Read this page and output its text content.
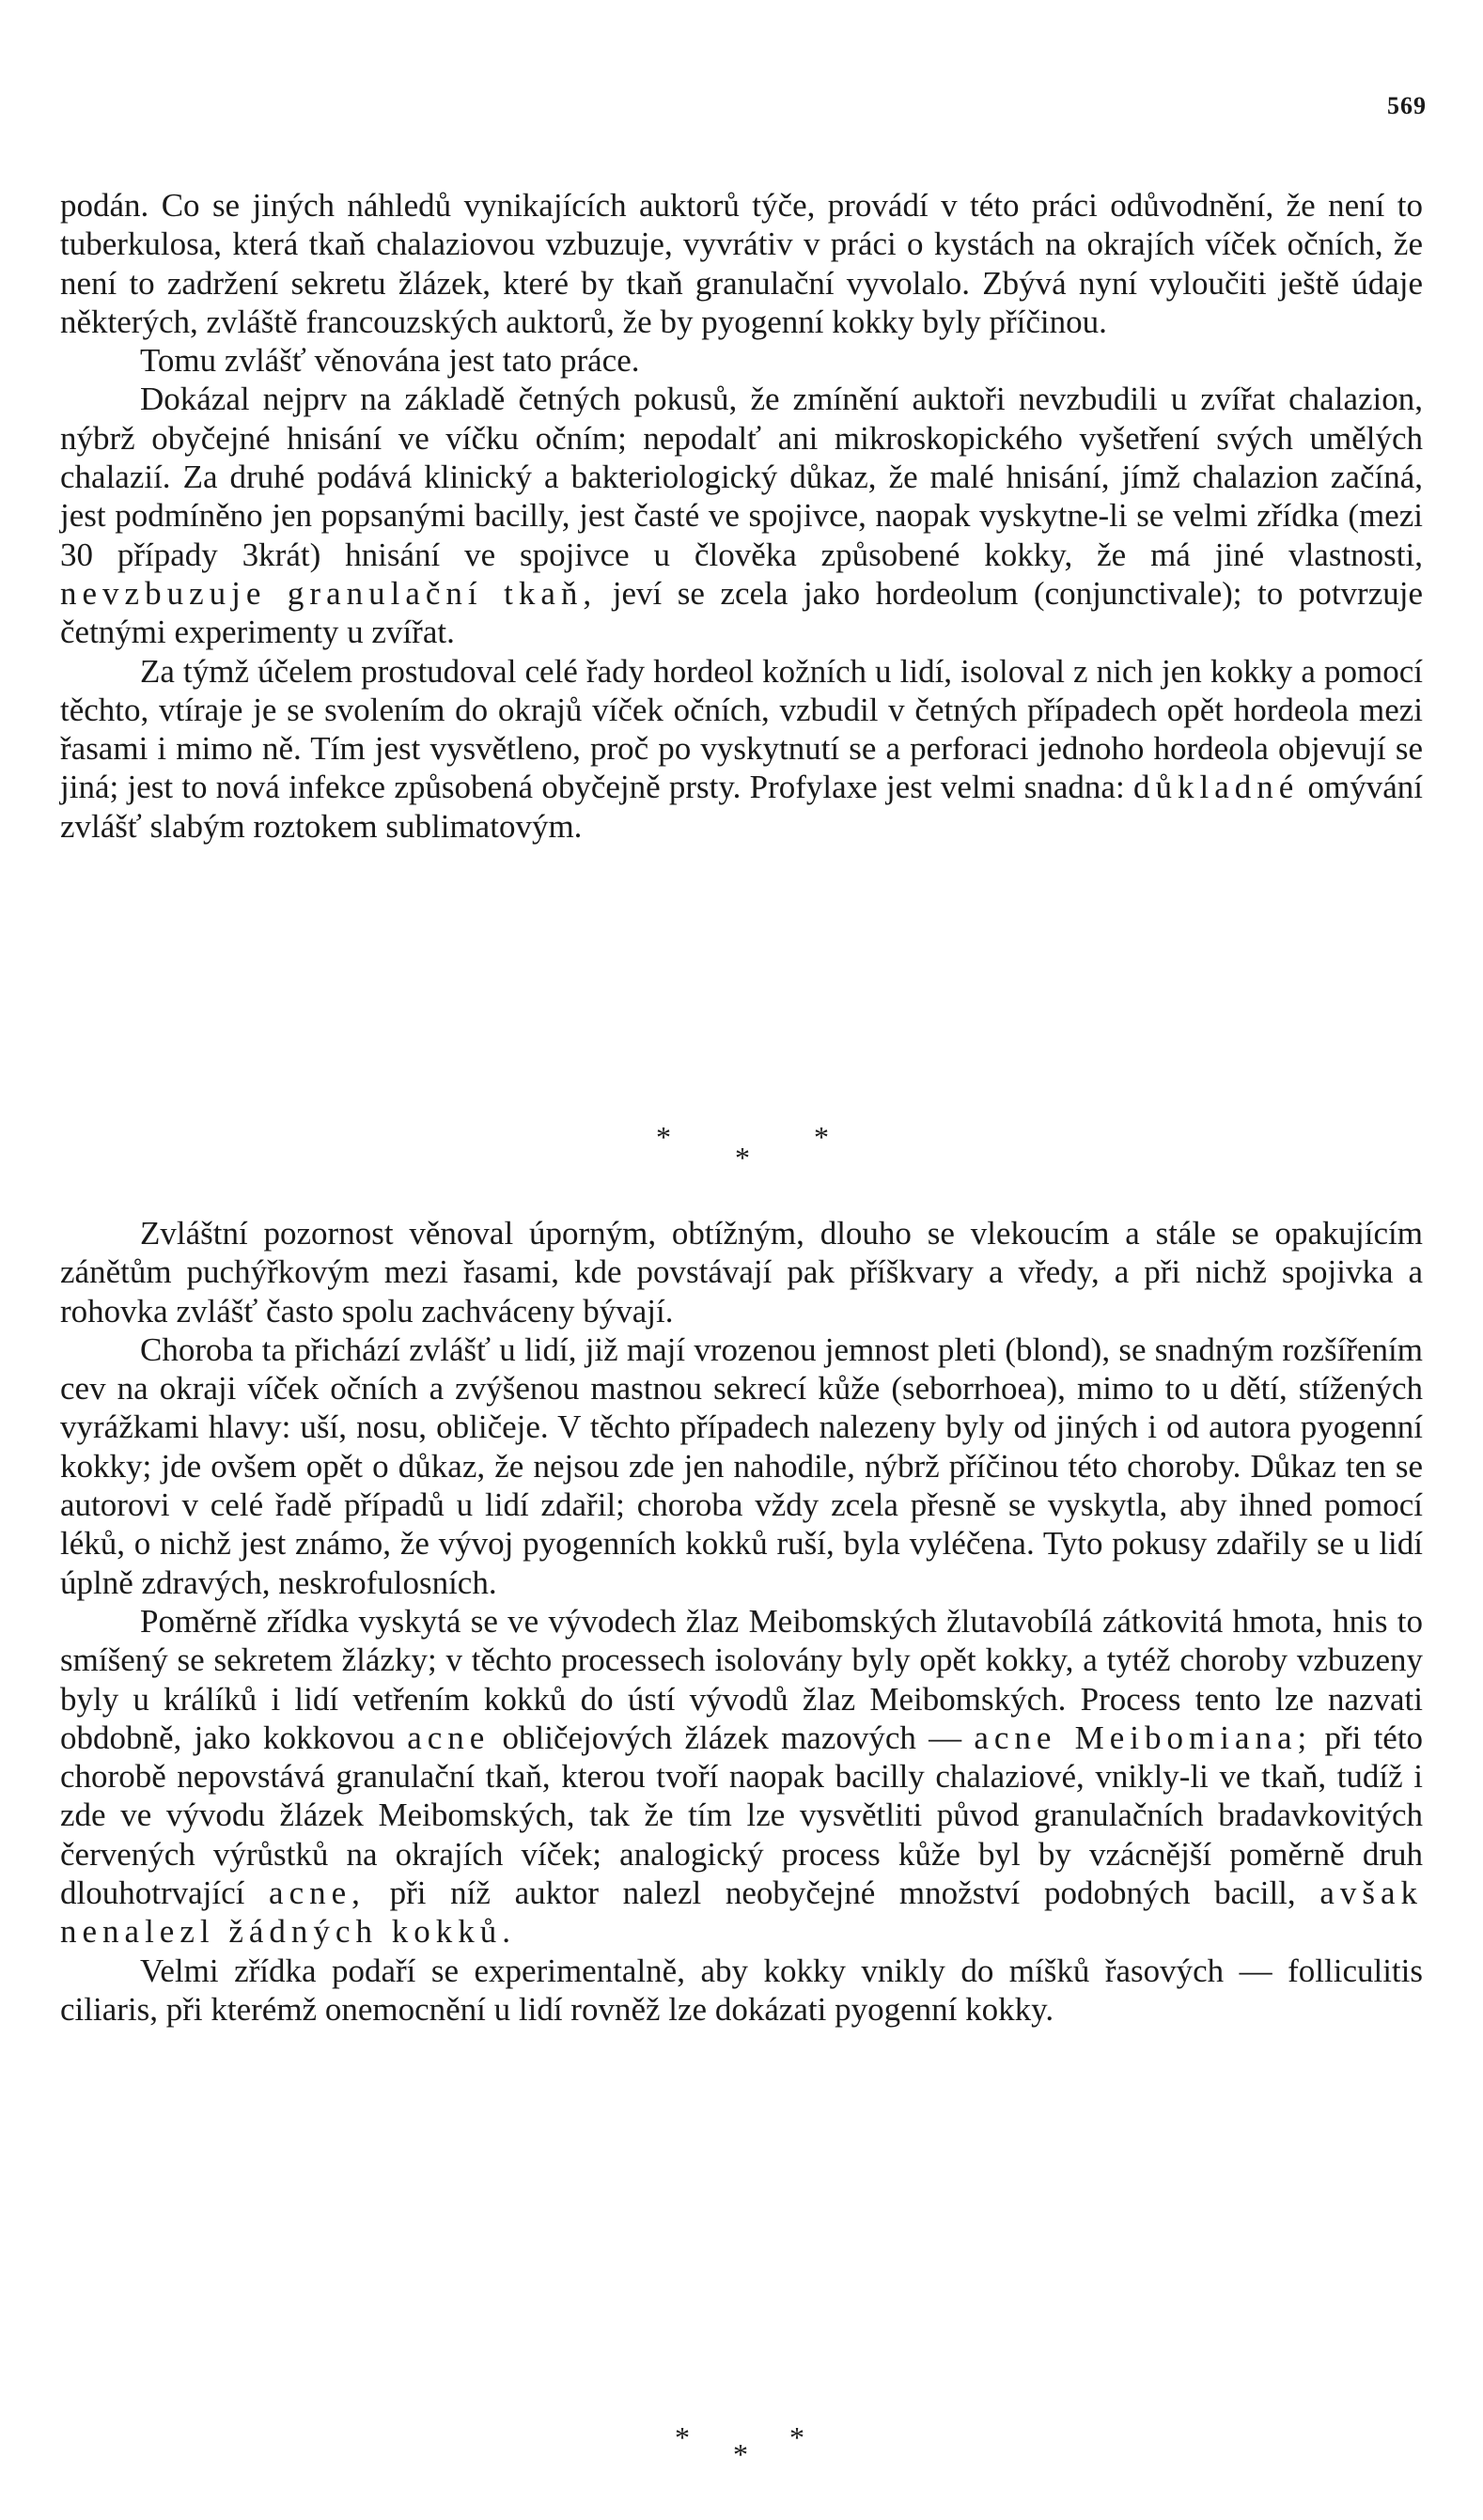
569

podán. Co se jiných náhledů vynikajících auktorů týče, provádí v této práci odůvodnění, že není to tuberkulosa, která tkaň chalaziovou vzbuzuje, vyvrátiv v práci o kystách na okrajích víček očních, že není to zadržení sekretu žlázek, které by tkaň granulační vyvolalo. Zbývá nyní vyloučiti ještě údaje některých, zvláště francouzských auktorů, že by pyogenní kokky byly příčinou.

Tomu zvlášť věnována jest tato práce.

Dokázal nejprv na základě četných pokusů, že zmínění auktoři nevzbudili u zvířat chalazion, nýbrž obyčejné hnisání ve víčku očním; nepodalť ani mikroskopického vyšetření svých umělých chalazií. Za druhé podává klinický a bakteriologický důkaz, že malé hnisání, jímž chalazion začíná, jest podmíněno jen popsanými bacilly, jest časté ve spojivce, naopak vyskytne-li se velmi zřídka (mezi 30 případy 3krát) hnisání ve spojivce u člověka způsobené kokky, že má jiné vlastnosti, nevzbuzuje granulační tkaň, jeví se zcela jako hordeolum (conjunctivale); to potvrzuje četnými experimenty u zvířat.

Za týmž účelem prostudoval celé řady hordeol kožních u lidí, isoloval z nich jen kokky a pomocí těchto, vtíraje je se svolením do okrajů víček očních, vzbudil v četných případech opět hordeola mezi řasami i mimo ně. Tím jest vysvětleno, proč po vyskytnutí se a perforaci jednoho hordeola objevují se jiná; jest to nová infekce způsobená obyčejně prsty. Profylaxe jest velmi snadna: důkladné omývání zvlášť slabým roztokem sublimatovým.

*	*
*

Zvláštní pozornost věnoval úporným, obtížným, dlouho se vlekoucím a stále se opakujícím zánětům puchýřkovým mezi řasami, kde povstávají pak příškvary a vředy, a při nichž spojivka a rohovka zvlášť často spolu zachváceny bývají.

Choroba ta přichází zvlášť u lidí, již mají vrozenou jemnost pleti (blond), se snadným rozšířením cev na okraji víček očních a zvýšenou mastnou sekrecí kůže (seborrhoea), mimo to u dětí, stížených vyrážkami hlavy: uší, nosu, obličeje. V těchto případech nalezeny byly od jiných i od autora pyogenní kokky; jde ovšem opět o důkaz, že nejsou zde jen nahodile, nýbrž příčinou této choroby. Důkaz ten se autorovi v celé řadě případů u lidí zdařil; choroba vždy zcela přesně se vyskytla, aby ihned pomocí léků, o nichž jest známo, že vývoj pyogenních kokků ruší, byla vyléčena. Tyto pokusy zdařily se u lidí úplně zdravých, neskrofulosních.

Poměrně zřídka vyskytá se ve vývodech žlaz Meibomských žlutavobílá zátkovitá hmota, hnis to smíšený se sekretem žlázky; v těchto processech isolovány byly opět kokky, a tytéž choroby vzbuzeny byly u králíků i lidí vetřením kokků do ústí vývodů žlaz Meibomských. Process tento lze nazvati obdobně, jako kokkovou acne obličejových žlázek mazových — acne Meibomiana; při této chorobě nepovstává granulační tkaň, kterou tvoří naopak bacilly chalaziové, vnikly-li ve tkaň, tudíž i zde ve vývodu žlázek Meibomských, tak že tím lze vysvětliti původ granulačních bradavkovitých červených výrůstků na okrajích víček; analogický process kůže byl by vzácnější poměrně druh dlouhotrvající acne, při níž auktor nalezl neobyčejné množství podobných bacill, avšak nenalezl žádných kokků.

Velmi zřídka podaří se experimentalně, aby kokky vnikly do míšků řasových — folliculitis ciliaris, při kterémž onemocnění u lidí rovněž lze dokázati pyogenní kokky.

*	*
*
